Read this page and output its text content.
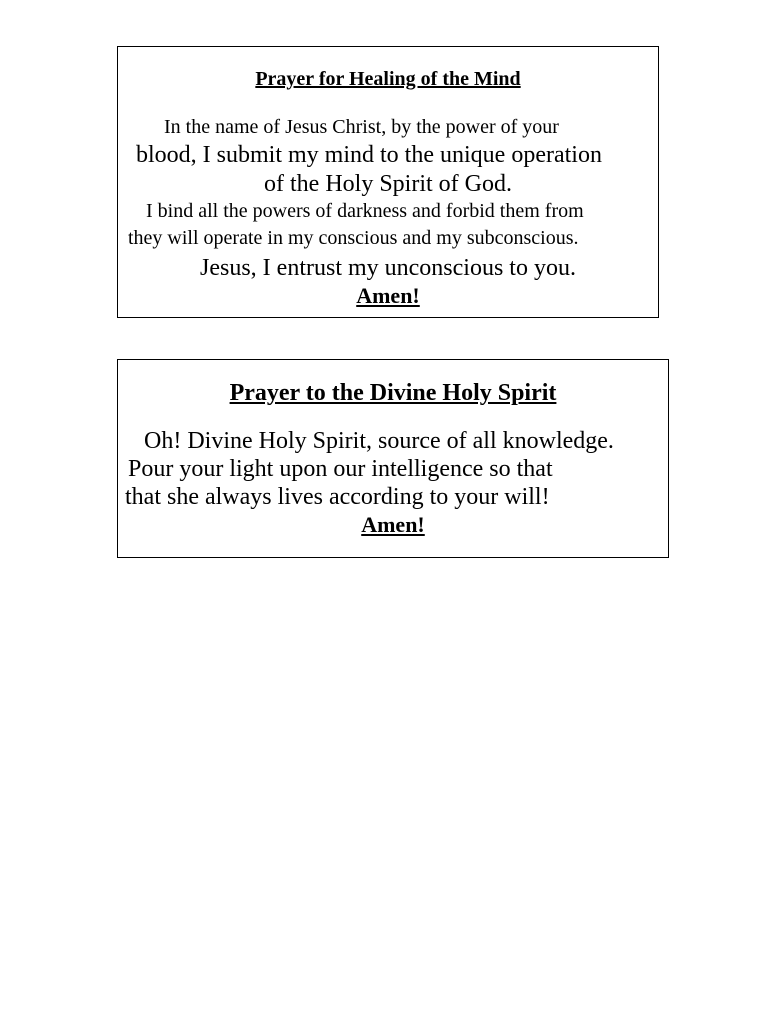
Prayer for Healing of the Mind
In the name of Jesus Christ, by the power of your
blood, I submit my mind to the unique operation
of the Holy Spirit of God.
I bind all the powers of darkness and forbid them from
they will operate in my conscious and my subconscious.
Jesus, I entrust my unconscious to you.
Amen!
Prayer to the Divine Holy Spirit
Oh! Divine Holy Spirit, source of all knowledge.
Pour your light upon our intelligence so that
that she always lives according to your will!
Amen!
